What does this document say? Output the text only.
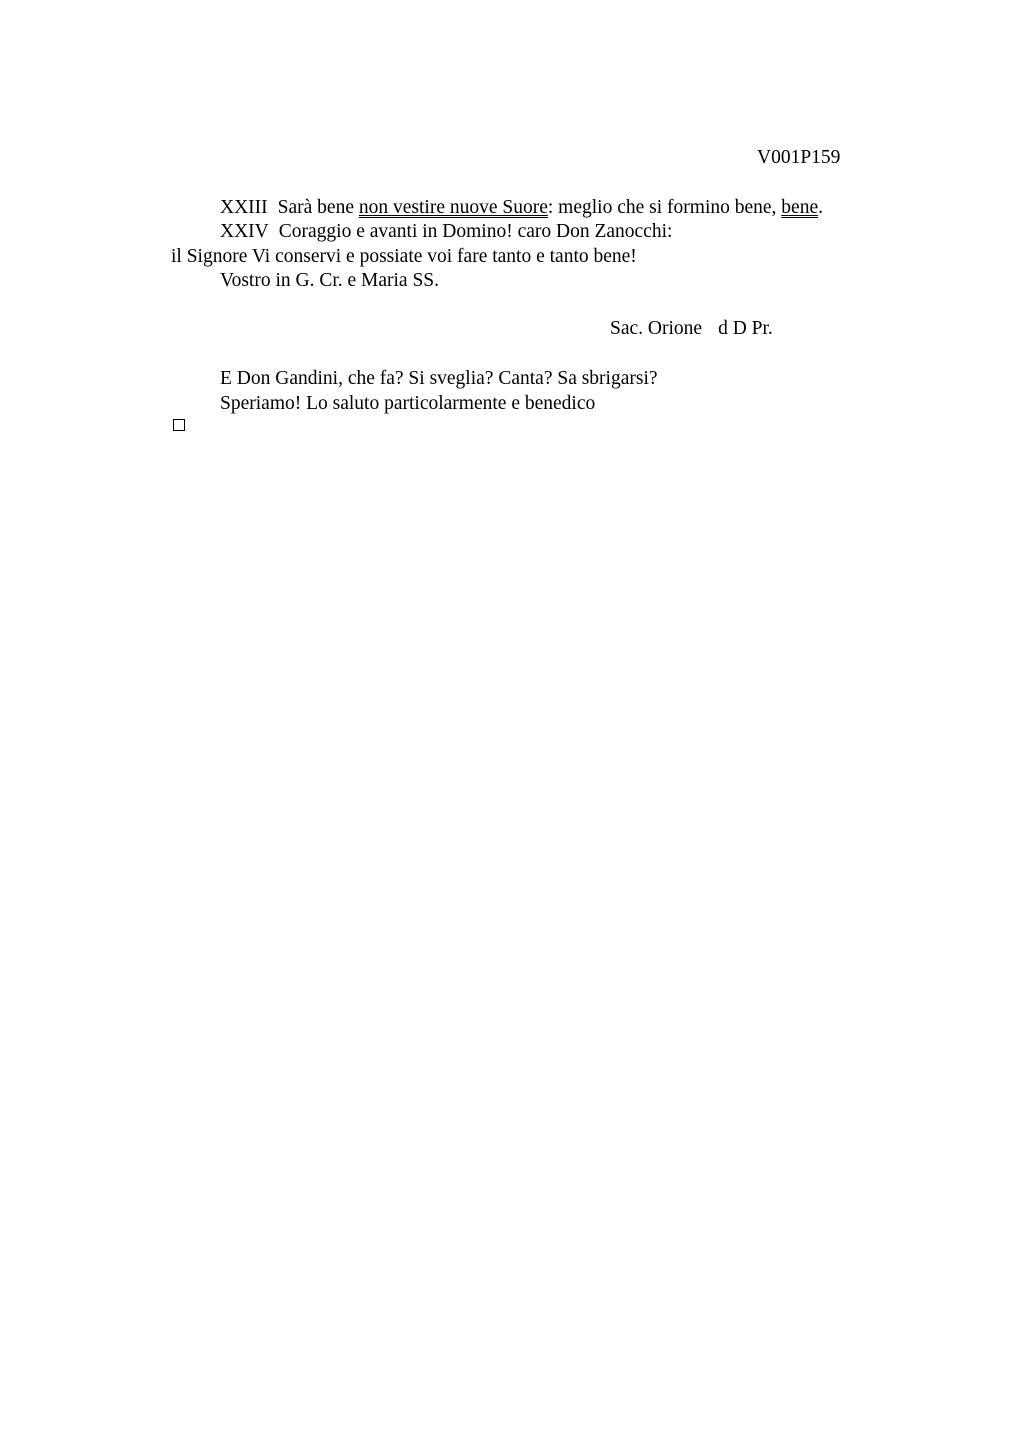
V001P159
XXIII Sarà bene non vestire nuove Suore: meglio che si formino bene, bene.
XXIV Coraggio e avanti in Domino! caro Don Zanocchi:
il Signore Vi conservi e possiate voi fare tanto e tanto bene!
Vostro in G. Cr. e Maria SS.
Sac. Orione d D Pr.
E Don Gandini, che fa? Si sveglia? Canta? Sa sbrigarsi?
Speriamo! Lo saluto particolarmente e benedico
